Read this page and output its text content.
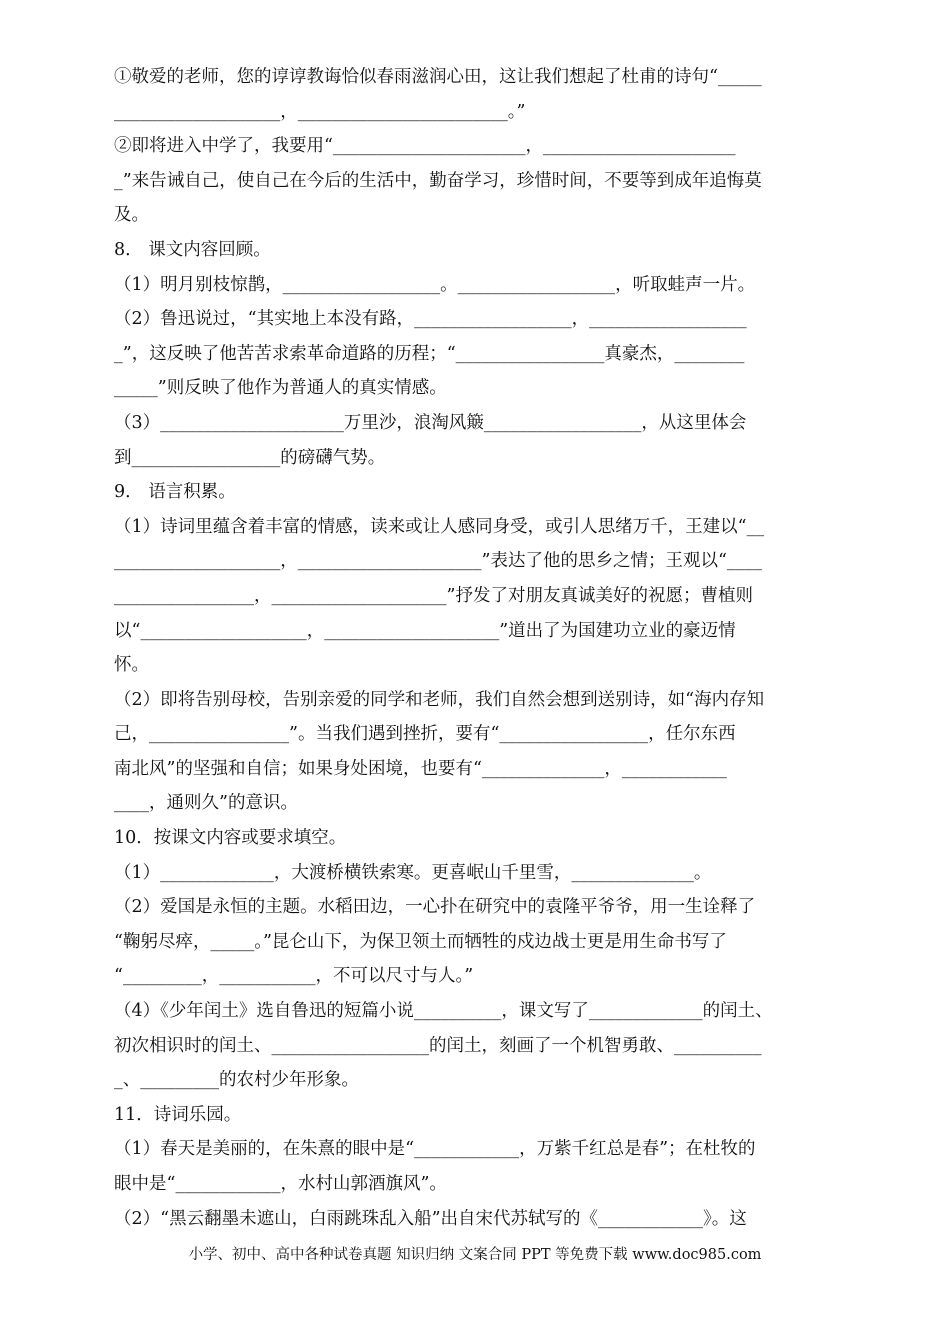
①敬爱的老师，您的谆谆教诲恰似春雨滋润心田，这让我们想起了杜甫的诗句“_____
___________________，________________________。”
②即将进入中学了，我要用“______________________，______________________
_”来告诫自己，使自己在今后的生活中，勤奋学习，珍惜时间，不要等到成年追悔莫
及。
8． 课文内容回顾。
（1）明月别枝惊鹊，__________________。__________________，听取蛙声一片。
（2）鲁迅说过，“其实地上本没有路，__________________，__________________
_”，这反映了他苦苦求索革命道路的历程；“_________________真豪杰，________
_____”则反映了他作为普通人的真实情感。
（3）_____________________万里沙，浪淘风簸__________________，从这里体会
到_________________的磅礴气势。
9． 语言积累。
（1）诗词里蕴含着丰富的情感，读来或让人感同身受，或引人思绪万千，王建以“__
___________________，_____________________”表达了他的思乡之情；王观以“____
________________，____________________”抒发了对朋友真诚美好的祝愿；曹植则
以“___________________，____________________”道出了为国建功立业的豪迈情
怀。
（2）即将告别母校，告别亲爱的同学和老师，我们自然会想到送别诗，如“海内存知
己，________________”。当我们遇到挫折，要有“_________________，任尔东西
南北风”的坚强和自信；如果身处困境，也要有“______________，____________
____，通则久”的意识。
10．按课文内容或要求填空。
（1）_____________，大渡桥横铁索寒。更喜岷山千里雪，______________。
（2）爱国是永恒的主题。水稻田边，一心扑在研究中的袁隆平爷爷，用一生诠释了
“鞠躬尽瘁，_____。”昆仑山下，为保卫领土而牺牲的戍边战士更是用生命书写了
“_________，___________，不可以尺寸与人。”
（4）《少年闰土》选自鲁迅的短篇小说__________，课文写了_____________的闰土、
初次相识时的闰土、__________________的闰土，刻画了一个机智勇敢、__________
_、_________的农村少年形象。
11．诗词乐园。
（1）春天是美丽的，在朱熹的眼中是“____________，万紫千红总是春”；在杜牧的
眼中是“____________，水村山郭酒旗风”。
（2）“黑云翻墨未遮山，白雨跳珠乱入船”出自宋代苏轼写的《____________》。这
小学、初中、高中各种试卷真题 知识归纳 文案合同 PPT 等免费下载 www.doc985.com
